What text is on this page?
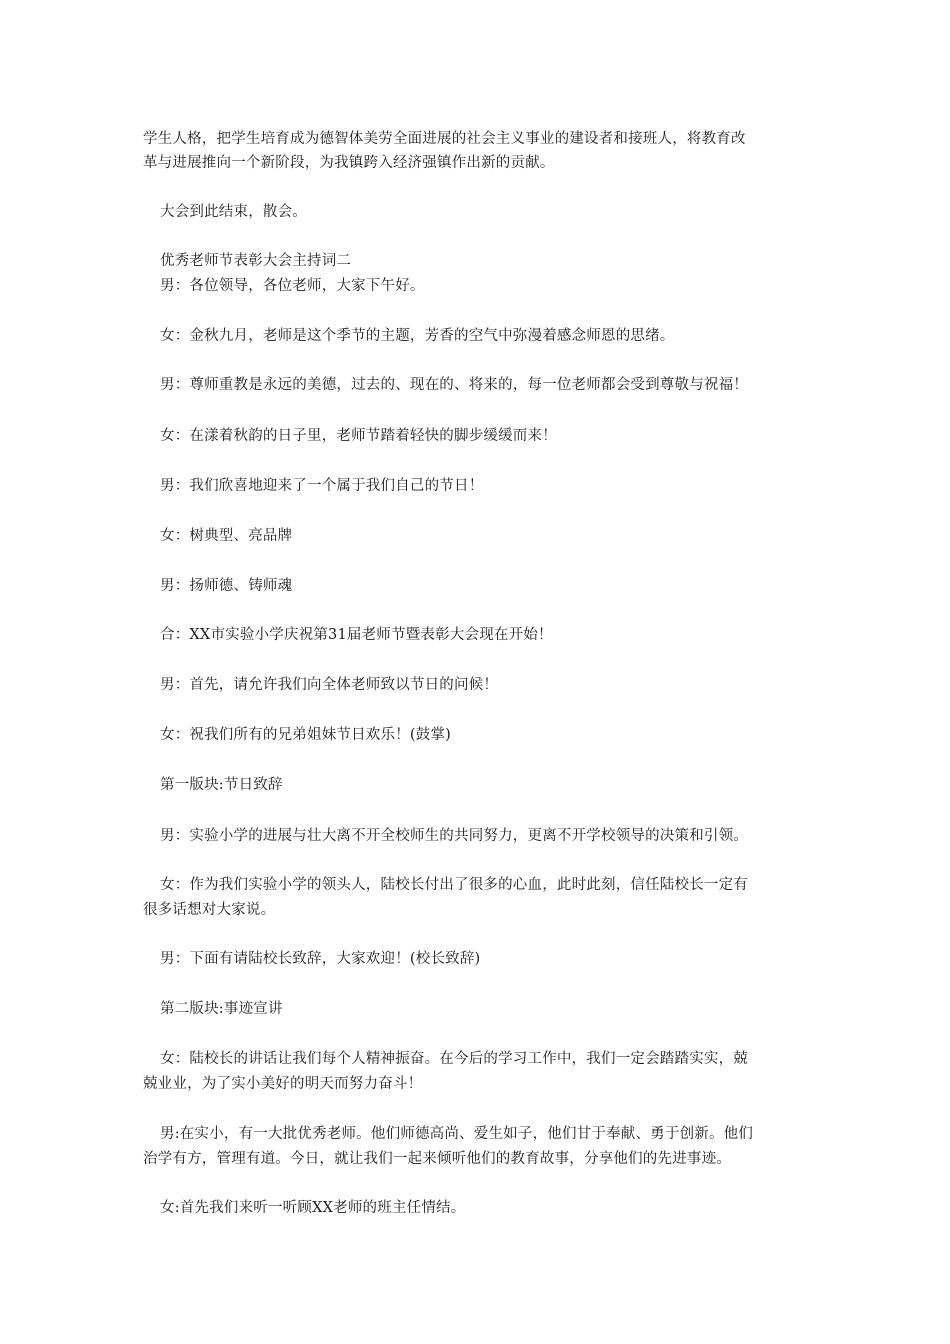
学生人格，把学生培育成为德智体美劳全面进展的社会主义事业的建设者和接班人，将教育改
革与进展推向一个新阶段，为我镇跨入经济强镇作出新的贡献。
大会到此结束，散会。
优秀老师节表彰大会主持词二
男：各位领导，各位老师，大家下午好。
女：金秋九月，老师是这个季节的主题，芳香的空气中弥漫着感念师恩的思绪。
男：尊师重教是永远的美德，过去的、现在的、将来的，每一位老师都会受到尊敬与祝福！
女：在漾着秋韵的日子里，老师节踏着轻快的脚步缓缓而来！
男：我们欣喜地迎来了一个属于我们自己的节日！
女：树典型、亮品牌
男：扬师德、铸师魂
合：XX市实验小学庆祝第31届老师节暨表彰大会现在开始！
男：首先，请允许我们向全体老师致以节日的问候！
女：祝我们所有的兄弟姐妹节日欢乐！(鼓掌)
第一版块:节日致辞
男：实验小学的进展与壮大离不开全校师生的共同努力，更离不开学校领导的决策和引领。
女：作为我们实验小学的领头人，陆校长付出了很多的心血，此时此刻，信任陆校长一定有
很多话想对大家说。
男：下面有请陆校长致辞，大家欢迎！(校长致辞)
第二版块:事迹宣讲
女：陆校长的讲话让我们每个人精神振奋。在今后的学习工作中，我们一定会踏踏实实，兢
兢业业，为了实小美好的明天而努力奋斗！
男:在实小，有一大批优秀老师。他们师德高尚、爱生如子，他们甘于奉献、勇于创新。他们
治学有方，管理有道。今日，就让我们一起来倾听他们的教育故事，分享他们的先进事迹。
女:首先我们来听一听顾XX老师的班主任情结。
